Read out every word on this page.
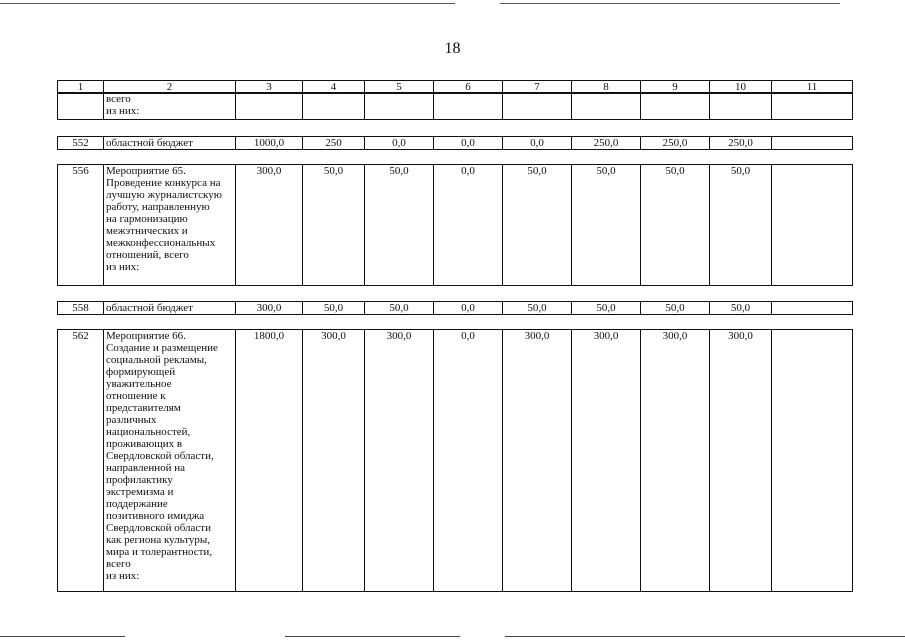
18
1	2	3	4	5	6	7	8	9	10	11
	всего
из них:									
552	областной бюджет	1000,0	250	0,0	0,0	0,0	250,0	250,0	250,0	
556	Мероприятие 65.
Проведение конкурса на
лучшую журналистскую
работу, направленную
на гармонизацию
межэтнических и
межконфессиональных
отношений, всего
из них:	300,0	50,0	50,0	0,0	50,0	50,0	50,0	50,0	
558	областной бюджет	300,0	50,0	50,0	0,0	50,0	50,0	50,0	50,0	
562	Мероприятие 66.
Создание и размещение
социальной рекламы,
формирующей
уважительное
отношение к
представителям
различных
национальностей,
проживающих в
Свердловской области,
направленной на
профилактику
экстремизма и
поддержание
позитивного имиджа
Свердловской области
как региона культуры,
мира и толерантности,
всего
из них:	1800,0	300,0	300,0	0,0	300,0	300,0	300,0	300,0	
